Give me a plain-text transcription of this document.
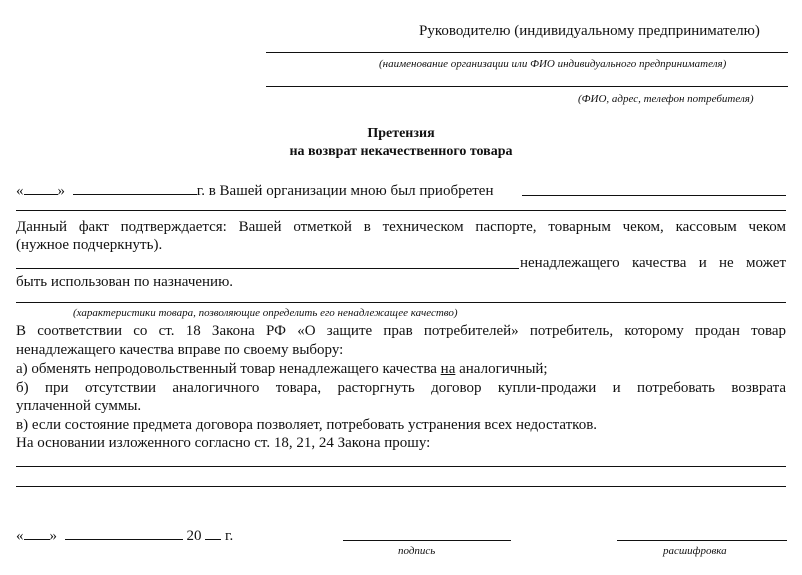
Руководителю (индивидуальному предпринимателю)
(наименование организации или ФИО индивидуального предпринимателя)
(ФИО, адрес, телефон потребителя)
Претензия
на возврат некачественного товара
« »	г. в Вашей организации мною был приобретен
Данный факт подтверждается: Вашей отметкой в техническом паспорте, товарным чеком, кассовым чеком
(нужное подчеркнуть).
ненадлежащего качества и не может
быть использован по назначению.
(характеристики товара, позволяющие определить его ненадлежащее качество)
В соответствии со ст. 18 Закона РФ «О защите прав потребителей» потребитель, которому продан товар
ненадлежащего качества вправе по своему выбору:
а) обменять непродовольственный товар ненадлежащего качества на аналогичный;
б) при отсутствии аналогичного товара, расторгнуть договор купли-продажи и потребовать возврата
уплаченной суммы.
в) если состояние предмета договора позволяет, потребовать устранения всех недостатков.
На основании изложенного согласно ст. 18, 21, 24 Закона прошу:
« »	20 г.
подпись	расшифровка
